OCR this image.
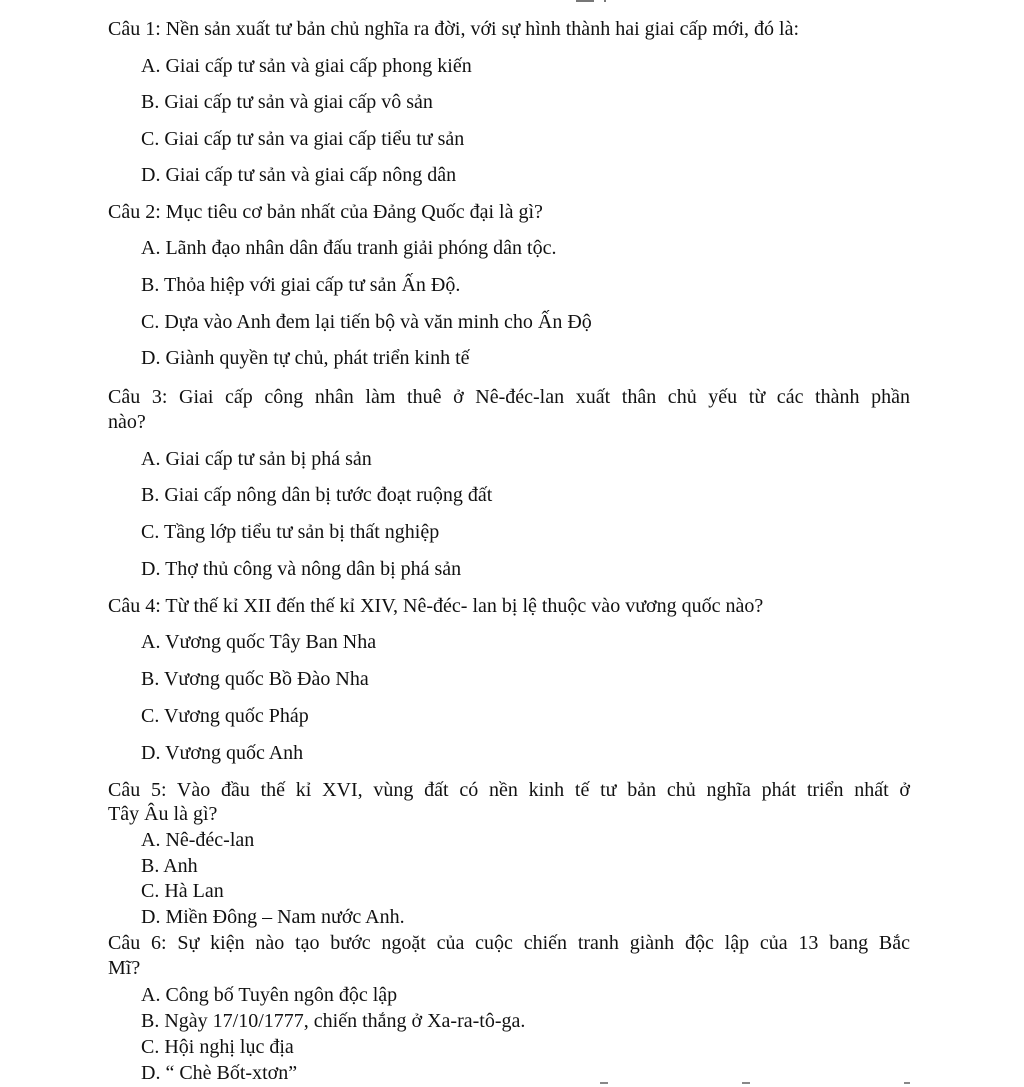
Câu 1: Nền sản xuất tư bản chủ nghĩa ra đời, với sự hình thành hai giai cấp mới, đó là:
A. Giai cấp tư sản và giai cấp phong kiến
B. Giai cấp tư sản và giai cấp vô sản
C. Giai cấp tư sản va giai cấp tiểu tư sản
D. Giai cấp tư sản và giai cấp nông dân
Câu 2: Mục tiêu cơ bản nhất của Đảng Quốc đại là gì?
A. Lãnh đạo nhân dân đấu tranh giải phóng dân tộc.
B. Thỏa hiệp với giai cấp tư sản Ấn Độ.
C. Dựa vào Anh đem lại tiến bộ và văn minh cho Ấn Độ
D. Giành quyền tự chủ, phát triển kinh tế
Câu 3: Giai cấp công nhân làm thuê ở Nê-đéc-lan xuất thân chủ yếu từ các thành phần
nào?
A. Giai cấp tư sản bị phá sản
B. Giai cấp nông dân bị tước đoạt ruộng đất
C. Tầng lớp tiểu tư sản bị thất nghiệp
D. Thợ thủ công và nông dân bị phá sản
Câu 4: Từ thế kỉ XII đến thế kỉ XIV, Nê-đéc- lan bị lệ thuộc vào vương quốc nào?
A. Vương quốc Tây Ban Nha
B. Vương quốc Bồ Đào Nha
C. Vương quốc Pháp
D. Vương quốc Anh
Câu 5: Vào đầu thế kỉ XVI, vùng đất có nền kinh tế tư bản chủ nghĩa phát triển nhất ở
Tây Âu là gì?
A. Nê-đéc-lan
B. Anh
C. Hà Lan
D. Miền Đông – Nam nước Anh.
Câu 6: Sự kiện nào tạo bước ngoặt của cuộc chiến tranh giành độc lập của 13 bang Bắc
Mĩ?
A. Công bố Tuyên ngôn độc lập
B. Ngày 17/10/1777, chiến thắng ở Xa-ra-tô-ga.
C. Hội nghị lục địa
D. “ Chè Bốt-xtơn”
